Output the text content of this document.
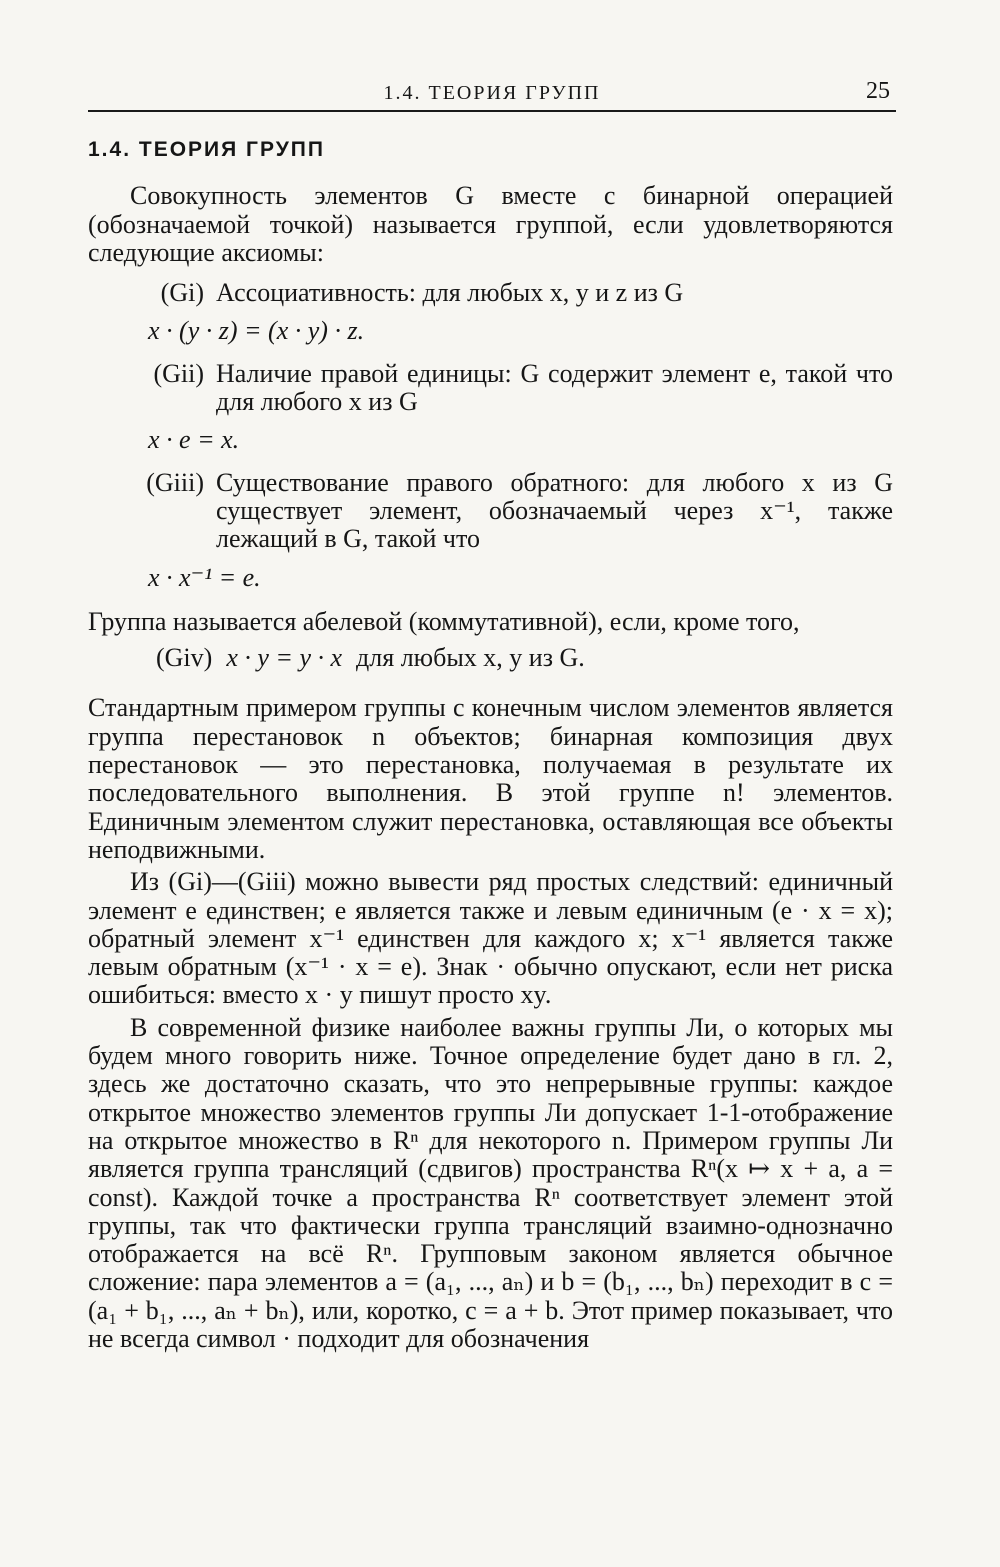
1.4. ТЕОРИЯ ГРУПП	25
1.4. ТЕОРИЯ ГРУПП

Совокупность элементов G вместе с бинарной операцией (обозначаемой точкой) называется группой, если удовлетворяются следующие аксиомы:

(Gi) Ассоциативность: для любых x, y и z из G
x · (y · z) = (x · y) · z.
(Gii) Наличие правой единицы: G содержит элемент e, такой что для любого x из G
x · e = x.
(Giii) Существование правого обратного: для любого x из G существует элемент, обозначаемый через x⁻¹, также лежащий в G, такой что
x · x⁻¹ = e.

Группа называется абелевой (коммутативной), если, кроме того,

(Giv) x · y = y · x для любых x, y из G.

Стандартным примером группы с конечным числом элементов является группа перестановок n объектов; бинарная композиция двух перестановок — это перестановка, получаемая в результате их последовательного выполнения. В этой группе n! элементов. Единичным элементом служит перестановка, оставляющая все объекты неподвижными.

Из (Gi)—(Giii) можно вывести ряд простых следствий: единичный элемент e единствен; e является также и левым единичным (e · x = x); обратный элемент x⁻¹ единствен для каждого x; x⁻¹ является также левым обратным (x⁻¹ · x = e). Знак · обычно опускают, если нет риска ошибиться: вместо x · y пишут просто xy.

В современной физике наиболее важны группы Ли, о которых мы будем много говорить ниже. Точное определение будет дано в гл. 2, здесь же достаточно сказать, что это непрерывные группы: каждое открытое множество элементов группы Ли допускает 1-1-отображение на открытое множество в Rⁿ для некоторого n. Примером группы Ли является группа трансляций (сдвигов) пространства Rⁿ(x ↦ x + a, a = const). Каждой точке a пространства Rⁿ соответствует элемент этой группы, так что фактически группа трансляций взаимно-однозначно отображается на всё Rⁿ. Групповым законом является обычное сложение: пара элементов a = (a₁, ..., aₙ) и b = (b₁, ..., bₙ) переходит в c = (a₁ + b₁, ..., aₙ + bₙ), или, коротко, c = a + b. Этот пример показывает, что не всегда символ · подходит для обозначения
